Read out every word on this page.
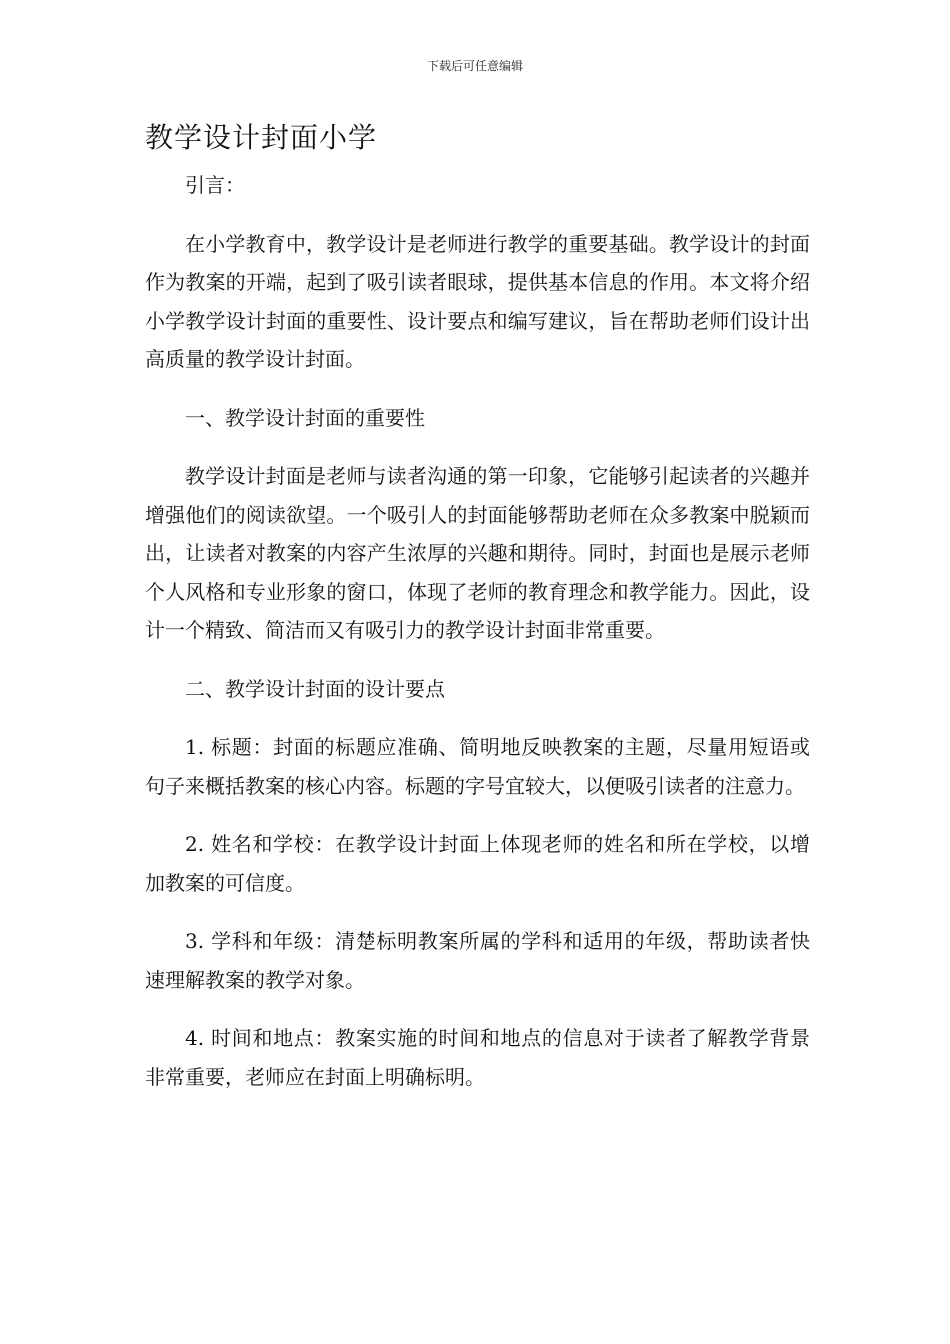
下载后可任意编辑
教学设计封面小学

引言：

在小学教育中，教学设计是老师进行教学的重要基础。教学设计的封面作为教案的开端，起到了吸引读者眼球，提供基本信息的作用。本文将介绍小学教学设计封面的重要性、设计要点和编写建议，旨在帮助老师们设计出高质量的教学设计封面。

一、教学设计封面的重要性

教学设计封面是老师与读者沟通的第一印象，它能够引起读者的兴趣并增强他们的阅读欲望。一个吸引人的封面能够帮助老师在众多教案中脱颖而出，让读者对教案的内容产生浓厚的兴趣和期待。同时，封面也是展示老师个人风格和专业形象的窗口，体现了老师的教育理念和教学能力。因此，设计一个精致、简洁而又有吸引力的教学设计封面非常重要。

二、教学设计封面的设计要点

1. 标题：封面的标题应准确、简明地反映教案的主题，尽量用短语或句子来概括教案的核心内容。标题的字号宜较大，以便吸引读者的注意力。

2. 姓名和学校：在教学设计封面上体现老师的姓名和所在学校，以增加教案的可信度。

3. 学科和年级：清楚标明教案所属的学科和适用的年级，帮助读者快速理解教案的教学对象。

4. 时间和地点：教案实施的时间和地点的信息对于读者了解教学背景非常重要，老师应在封面上明确标明。
